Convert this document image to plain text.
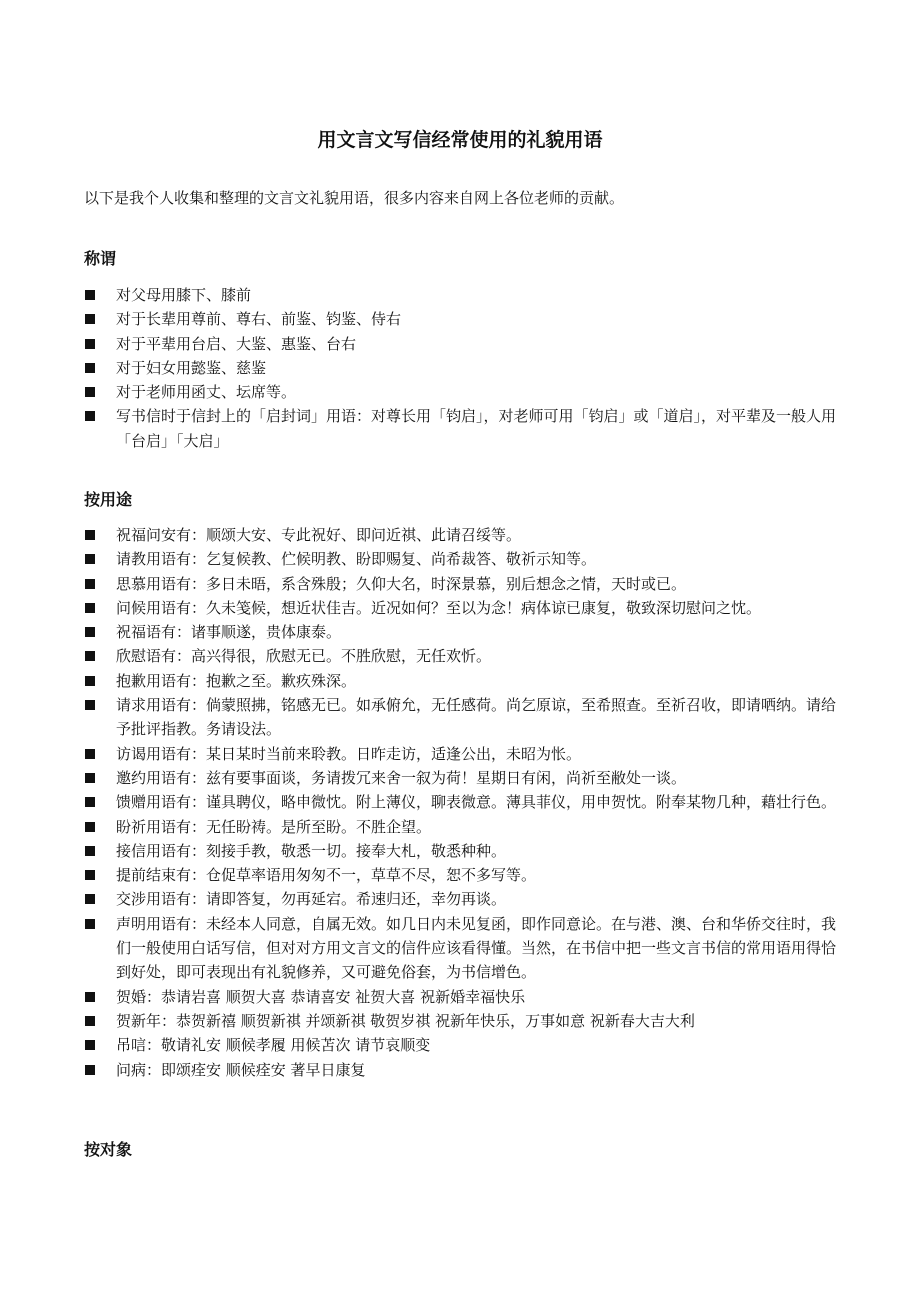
用文言文写信经常使用的礼貌用语

以下是我个人收集和整理的文言文礼貌用语，很多内容来自网上各位老师的贡献。

称谓
对父母用膝下、膝前
对于长辈用尊前、尊右、前鉴、钧鉴、侍右
对于平辈用台启、大鉴、惠鉴、台右
对于妇女用懿鉴、慈鉴
对于老师用函丈、坛席等。
写书信时于信封上的「启封词」用语：对尊长用「钧启」，对老师可用「钧启」或「道启」，对平辈及一般人用「台启」「大启」
按用途
祝福问安有：顺颂大安、专此祝好、即问近祺、此请召绥等。
请教用语有：乞复候教、伫候明教、盼即赐复、尚希裁答、敬祈示知等。
思慕用语有：多日未晤，系含殊殷；久仰大名，时深景慕，别后想念之情，天时或已。
问候用语有：久未笺候，想近状佳吉。近况如何？至以为念！病体谅已康复，敬致深切慰问之忱。
祝福语有：诸事顺遂，贵体康泰。
欣慰语有：高兴得很，欣慰无已。不胜欣慰，无任欢忻。
抱歉用语有：抱歉之至。歉疚殊深。
请求用语有：倘蒙照拂，铭感无已。如承俯允，无任感荷。尚乞原谅，至希照查。至祈召收，即请哂纳。请给予批评指教。务请设法。
访谒用语有：某日某时当前来聆教。日昨走访，适逢公出，未昭为怅。
邀约用语有：兹有要事面谈，务请拨冗来舍一叙为荷！星期日有闲，尚祈至敝处一谈。
馈赠用语有：谨具聘仪，略申微忱。附上薄仪，聊表微意。薄具菲仪，用申贺忱。附奉某物几种，藉壮行色。
盼祈用语有：无任盼祷。是所至盼。不胜企望。
接信用语有：刻接手教，敬悉一切。接奉大札，敬悉种种。
提前结束有：仓促草率语用匆匆不一，草草不尽，恕不多写等。
交涉用语有：请即答复，勿再延宕。希速归还，幸勿再谈。
声明用语有：未经本人同意，自属无效。如几日内未见复函，即作同意论。在与港、澳、台和华侨交往时，我们一般使用白话写信，但对对方用文言文的信件应该看得懂。当然，在书信中把一些文言书信的常用语用得恰到好处，即可表现出有礼貌修养，又可避免俗套，为书信增色。
贺婚：恭请岩喜 顺贺大喜 恭请喜安 祉贺大喜 祝新婚幸福快乐
贺新年：恭贺新禧 顺贺新祺 并颂新祺 敬贺岁祺 祝新年快乐，万事如意 祝新春大吉大利
吊唁：敬请礼安 顺候孝履 用候苫次 请节哀顺变
问病：即颂痊安 顺候痊安 著早日康复
按对象
